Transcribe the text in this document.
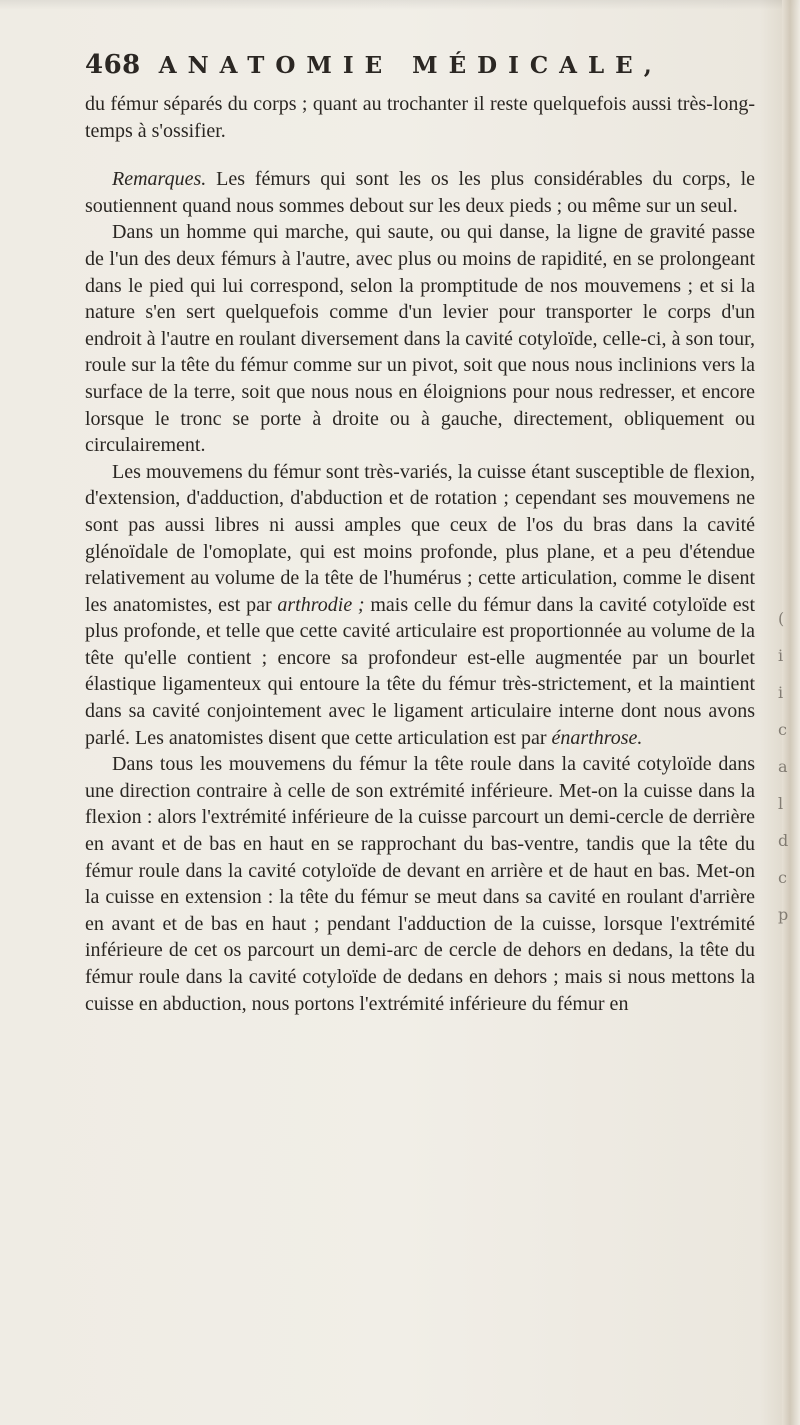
468 ANATOMIE MÉDICALE,

du fémur séparés du corps ; quant au trochanter il reste quelquefois aussi très-long-temps à s'ossifier.

Remarques. Les fémurs qui sont les os les plus considérables du corps, le soutiennent quand nous sommes debout sur les deux pieds ; ou même sur un seul.

Dans un homme qui marche, qui saute, ou qui danse, la ligne de gravité passe de l'un des deux fémurs à l'autre, avec plus ou moins de rapidité, en se prolongeant dans le pied qui lui correspond, selon la promptitude de nos mouvemens ; et si la nature s'en sert quelquefois comme d'un levier pour transporter le corps d'un endroit à l'autre en roulant diversement dans la cavité cotyloïde, celle-ci, à son tour, roule sur la tête du fémur comme sur un pivot, soit que nous nous inclinions vers la surface de la terre, soit que nous nous en éloignions pour nous redresser, et encore lorsque le tronc se porte à droite ou à gauche, directement, obliquement ou circulairement.

Les mouvemens du fémur sont très-variés, la cuisse étant susceptible de flexion, d'extension, d'adduction, d'abduction et de rotation ; cependant ses mouvemens ne sont pas aussi libres ni aussi amples que ceux de l'os du bras dans la cavité glénoïdale de l'omoplate, qui est moins profonde, plus plane, et a peu d'étendue relativement au volume de la tête de l'humérus ; cette articulation, comme le disent les anatomistes, est par arthrodie ; mais celle du fémur dans la cavité cotyloïde est plus profonde, et telle que cette cavité articulaire est proportionnée au volume de la tête qu'elle contient ; encore sa profondeur est-elle augmentée par un bourlet élastique ligamenteux qui entoure la tête du fémur très-strictement, et la maintient dans sa cavité conjointement avec le ligament articulaire interne dont nous avons parlé. Les anatomistes disent que cette articulation est par énarthrose.

Dans tous les mouvemens du fémur la tête roule dans la cavité cotyloïde dans une direction contraire à celle de son extrémité inférieure. Met-on la cuisse dans la flexion : alors l'extrémité inférieure de la cuisse parcourt un demi-cercle de derrière en avant et de bas en haut en se rapprochant du bas-ventre, tandis que la tête du fémur roule dans la cavité cotyloïde de devant en arrière et de haut en bas. Met-on la cuisse en extension : la tête du fémur se meut dans sa cavité en roulant d'arrière en avant et de bas en haut ; pendant l'adduction de la cuisse, lorsque l'extrémité inférieure de cet os parcourt un demi-arc de cercle de dehors en dedans, la tête du fémur roule dans la cavité cotyloïde de dedans en dehors ; mais si nous mettons la cuisse en abduction, nous portons l'extrémité inférieure du fémur en

(
i
i
c
a
l
d
c
p
